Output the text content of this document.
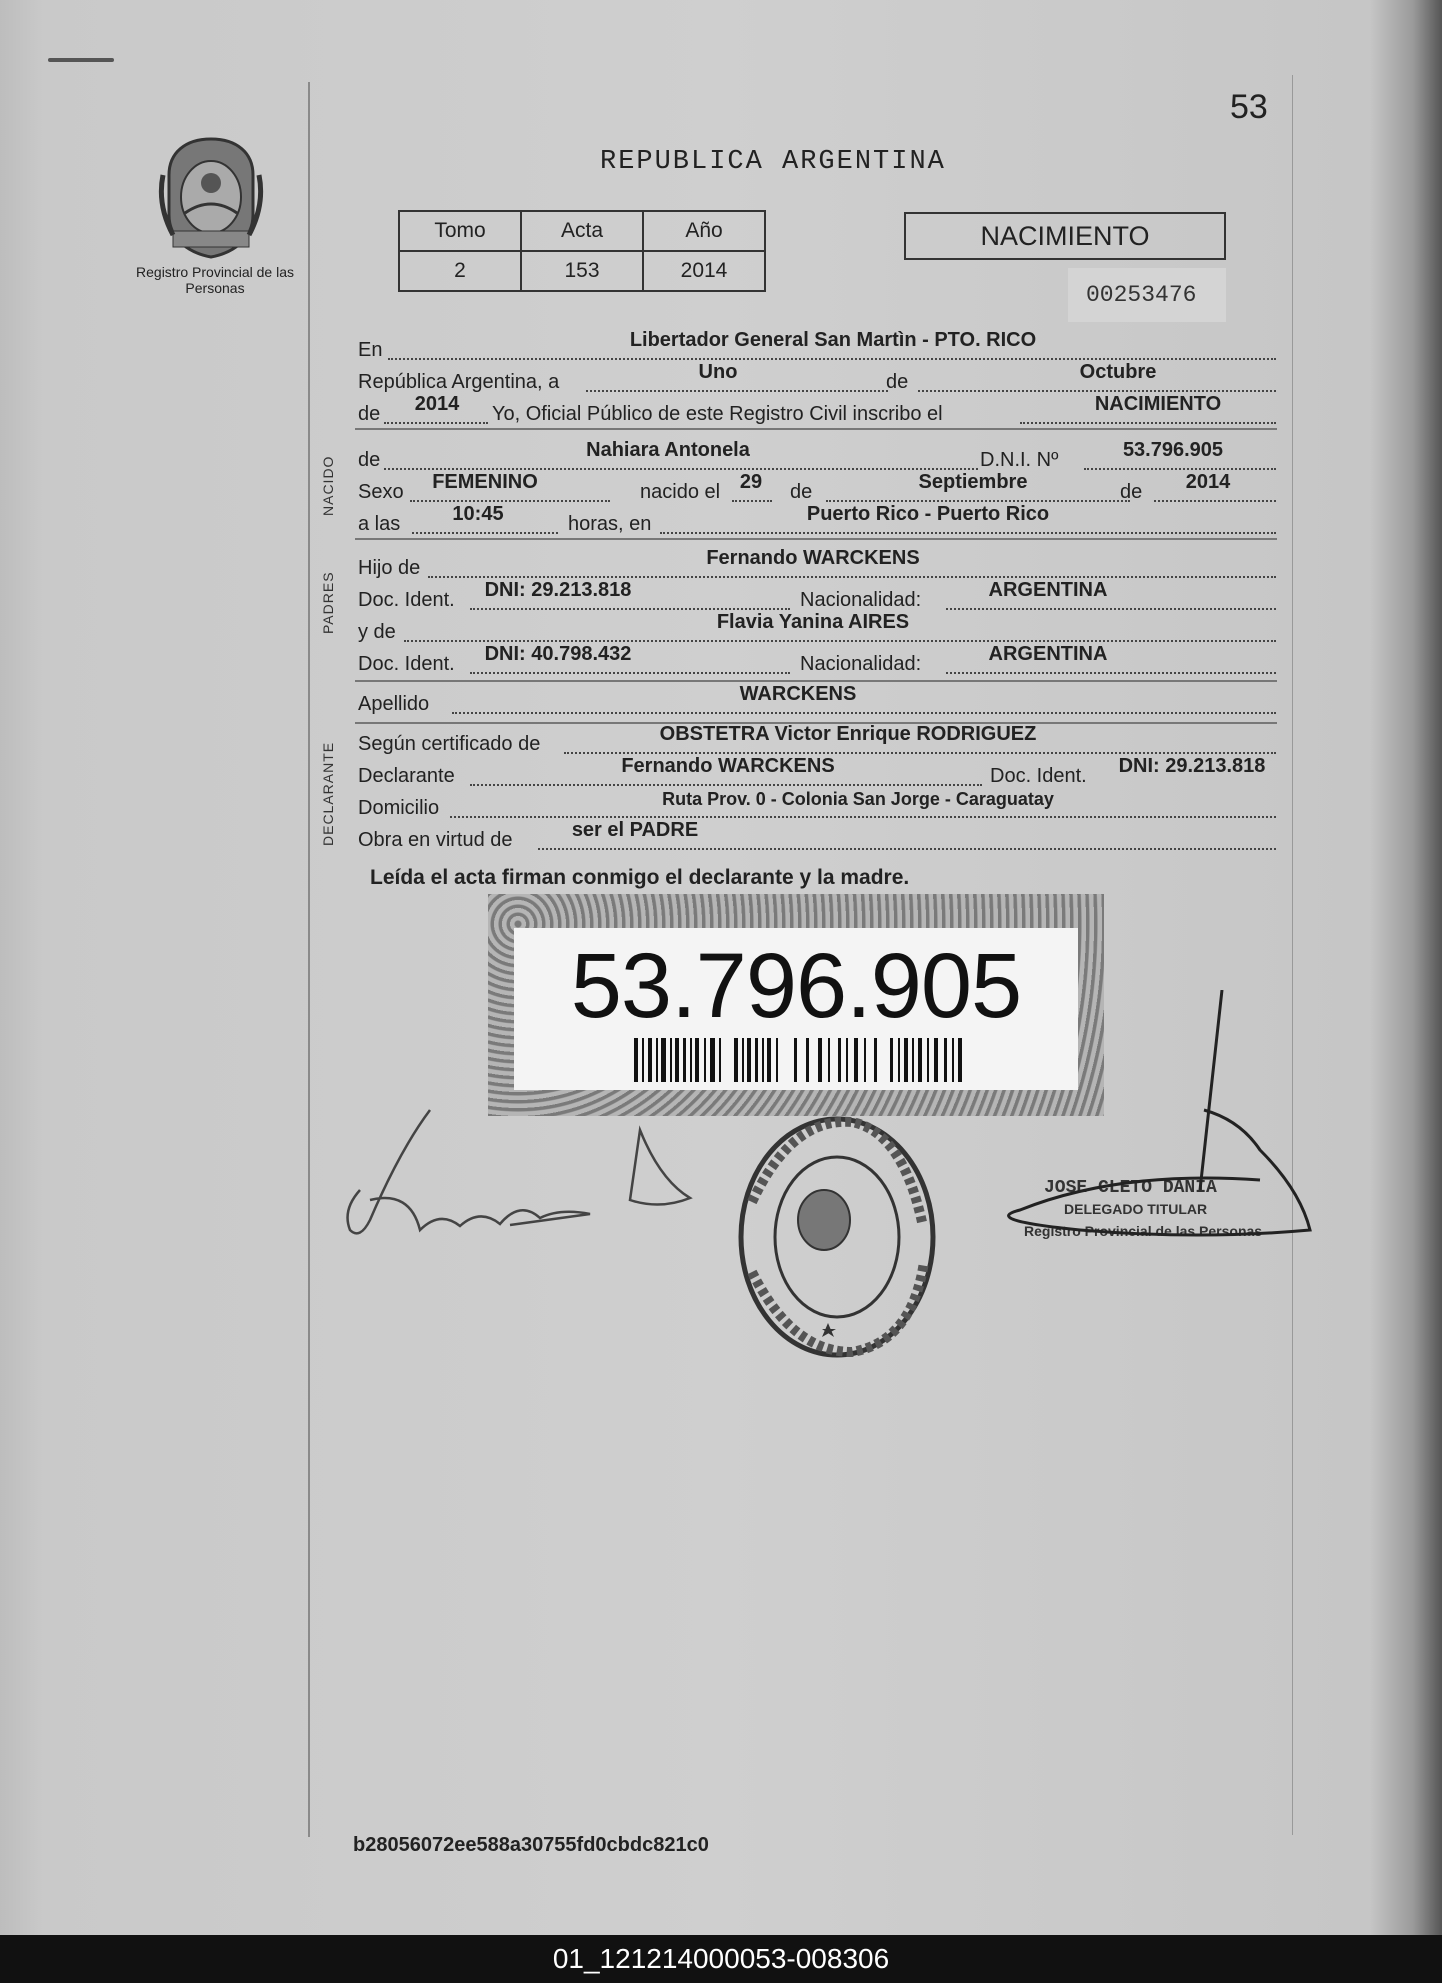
53
Registro Provincial de las Personas
REPUBLICA ARGENTINA
Tomo	Acta	Año
2	153	2014
NACIMIENTO
00253476
En	Libertador General San Martìn - PTO. RICO
República Argentina, a	Uno	de	Octubre
de	2014	Yo, Oficial Público de este Registro Civil inscribo el	NACIMIENTO
NACIDO de	Nahiara Antonela	D.N.I. Nº	53.796.905
Sexo	FEMENINO	nacido el 29 de	Septiembre	de	2014
a las	10:45	horas, en	Puerto Rico - Puerto Rico
PADRES
Hijo de	Fernando WARCKENS
Doc. Ident.	DNI: 29.213.818	Nacionalidad:	ARGENTINA
y de	Flavia Yanina AIRES
Doc. Ident.	DNI: 40.798.432	Nacionalidad:	ARGENTINA
Apellido	WARCKENS
DECLARANTE Según certificado de	OBSTETRA Victor Enrique RODRIGUEZ
Declarante	Fernando WARCKENS	Doc. Ident.	DNI: 29.213.818
Domicilio	Ruta Prov. 0 - Colonia San Jorge - Caraguatay
Obra en virtud de	ser el PADRE
Leída el acta firman conmigo el declarante y la madre.
53.796.905
JOSE CLETO DANIA
DELEGADO TITULAR
Registro Provincial de las Personas
b28056072ee588a30755fd0cbdc821c0
01_121214000053-008306
